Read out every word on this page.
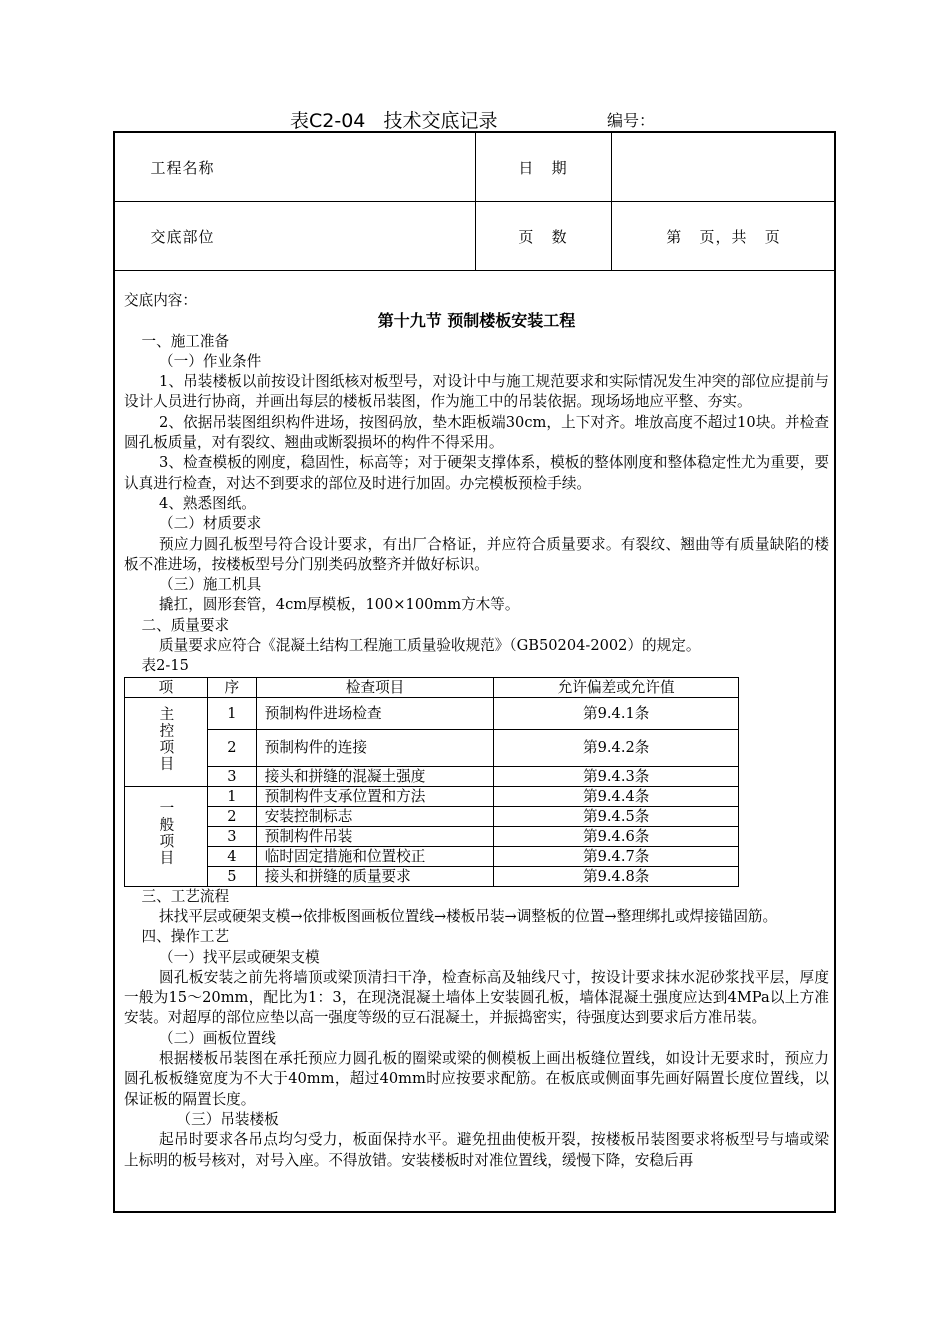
表C2-04   技术交底记录	编号：
工程名称	日   期
交底部位	页   数	第   页，共   页

交底内容：

第十九节 预制楼板安装工程

一、施工准备

（一）作业条件

1、吊装楼板以前按设计图纸核对板型号，对设计中与施工规范要求和实际情况发生冲突的部位应提前与设计人员进行协商，并画出每层的楼板吊装图，作为施工中的吊装依据。现场场地应平整、夯实。

2、依据吊装图组织构件进场，按图码放，垫木距板端30cm，上下对齐。堆放高度不超过10块。并检查圆孔板质量，对有裂纹、翘曲或断裂损坏的构件不得采用。

3、检查模板的刚度，稳固性，标高等；对于硬架支撑体系，模板的整体刚度和整体稳定性尤为重要，要认真进行检查，对达不到要求的部位及时进行加固。办完模板预检手续。

4、熟悉图纸。

（二）材质要求

预应力圆孔板型号符合设计要求，有出厂合格证，并应符合质量要求。有裂纹、翘曲等有质量缺陷的楼板不准进场，按楼板型号分门别类码放整齐并做好标识。

（三）施工机具

撬扛，圆形套管，4cm厚模板，100×100mm方木等。

二、质量要求

质量要求应符合《混凝土结构工程施工质量验收规范》（GB50204-2002）的规定。

表2-15

项	序	检查项目	允许偏差或允许值
主控项目	1	预制构件进场检查	第9.4.1条
	2	预制构件的连接	第9.4.2条
	3	接头和拼缝的混凝土强度	第9.4.3条
一般项目	1	预制构件支承位置和方法	第9.4.4条
	2	安装控制标志	第9.4.5条
	3	预制构件吊装	第9.4.6条
	4	临时固定措施和位置校正	第9.4.7条
	5	接头和拼缝的质量要求	第9.4.8条

三、工艺流程

抹找平层或硬架支模→依排板图画板位置线→楼板吊装→调整板的位置→整理绑扎或焊接锚固筋。

四、操作工艺

（一）找平层或硬架支模

圆孔板安装之前先将墙顶或梁顶清扫干净，检查标高及轴线尺寸，按设计要求抹水泥砂浆找平层，厚度一般为15～20mm，配比为1：3，在现浇混凝土墙体上安装圆孔板，墙体混凝土强度应达到4MPa以上方准安装。对超厚的部位应垫以高一强度等级的豆石混凝土，并振捣密实，待强度达到要求后方准吊装。

（二）画板位置线

根据楼板吊装图在承托预应力圆孔板的圈梁或梁的侧模板上画出板缝位置线，如设计无要求时，预应力圆孔板板缝宽度为不大于40mm，超过40mm时应按要求配筋。在板底或侧面事先画好隔置长度位置线，以保证板的隔置长度。

（三）吊装楼板

起吊时要求各吊点均匀受力，板面保持水平。避免扭曲使板开裂，按楼板吊装图要求将板型号与墙或梁上标明的板号核对，对号入座。不得放错。安装楼板时对准位置线，缓慢下降，安稳后再
